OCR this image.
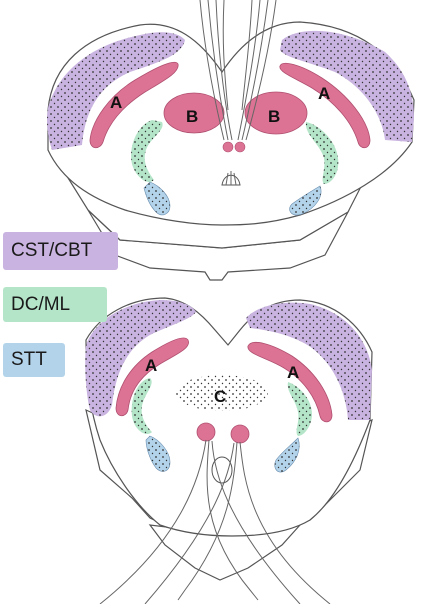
A	A
B	B
A	A
C
CST/CBT
DC/ML
STT
